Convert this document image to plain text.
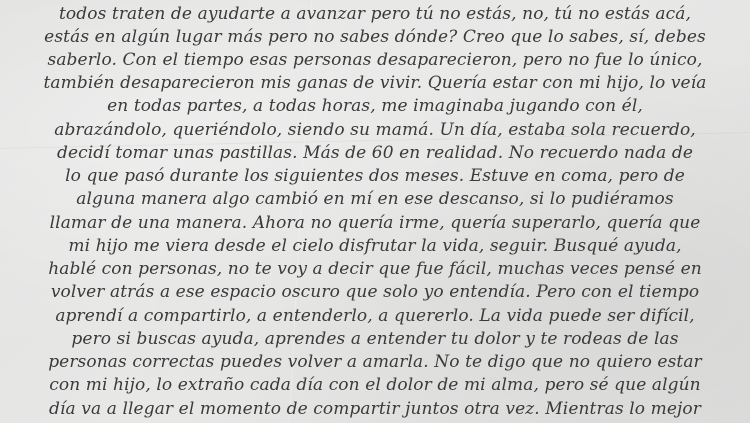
todos traten de ayudarte a avanzar pero tú no estás, no, tú no estás acá,
estás en algún lugar más pero no sabes dónde? Creo que lo sabes, sí, debes
saberlo. Con el tiempo esas personas desaparecieron, pero no fue lo único,
también desaparecieron mis ganas de vivir. Quería estar con mi hijo, lo veía
en todas partes, a todas horas, me imaginaba jugando con él,
abrazándolo, queriéndolo, siendo su mamá. Un día, estaba sola recuerdo,
decidí tomar unas pastillas. Más de 60 en realidad. No recuerdo nada de
lo que pasó durante los siguientes dos meses. Estuve en coma, pero de
alguna manera algo cambió en mí en ese descanso, si lo pudiéramos
llamar de una manera. Ahora no quería irme, quería superarlo, quería que
mi hijo me viera desde el cielo disfrutar la vida, seguir. Busqué ayuda,
hablé con personas, no te voy a decir que fue fácil, muchas veces pensé en
volver atrás a ese espacio oscuro que solo yo entendía. Pero con el tiempo
aprendí a compartirlo, a entenderlo, a quererlo. La vida puede ser difícil,
pero si buscas ayuda, aprendes a entender tu dolor y te rodeas de las
personas correctas puedes volver a amarla. No te digo que no quiero estar
con mi hijo, lo extraño cada día con el dolor de mi alma, pero sé que algún
día va a llegar el momento de compartir juntos otra vez. Mientras lo mejor
